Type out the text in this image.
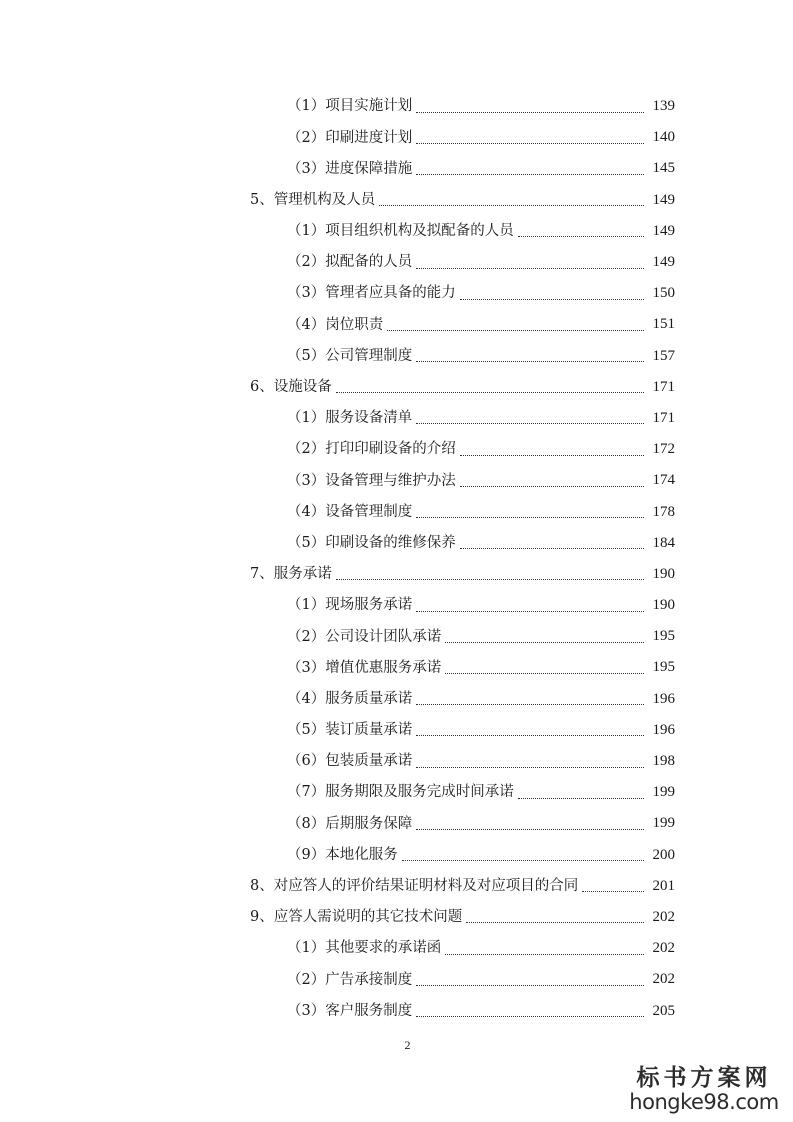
（1）项目实施计划	139
（2）印刷进度计划	140
（3）进度保障措施	145
5、管理机构及人员	149
（1）项目组织机构及拟配备的人员	149
（2）拟配备的人员	149
（3）管理者应具备的能力	150
（4）岗位职责	151
（5）公司管理制度	157
6、设施设备	171
（1）服务设备清单	171
（2）打印印刷设备的介绍	172
（3）设备管理与维护办法	174
（4）设备管理制度	178
（5）印刷设备的维修保养	184
7、服务承诺	190
（1）现场服务承诺	190
（2）公司设计团队承诺	195
（3）增值优惠服务承诺	195
（4）服务质量承诺	196
（5）装订质量承诺	196
（6）包装质量承诺	198
（7）服务期限及服务完成时间承诺	199
（8）后期服务保障	199
（9）本地化服务	200
8、对应答人的评价结果证明材料及对应项目的合同	201
9、应答人需说明的其它技术问题	202
（1）其他要求的承诺函	202
（2）广告承接制度	202
（3）客户服务制度	205
2
标书方案网
hongke98.com
